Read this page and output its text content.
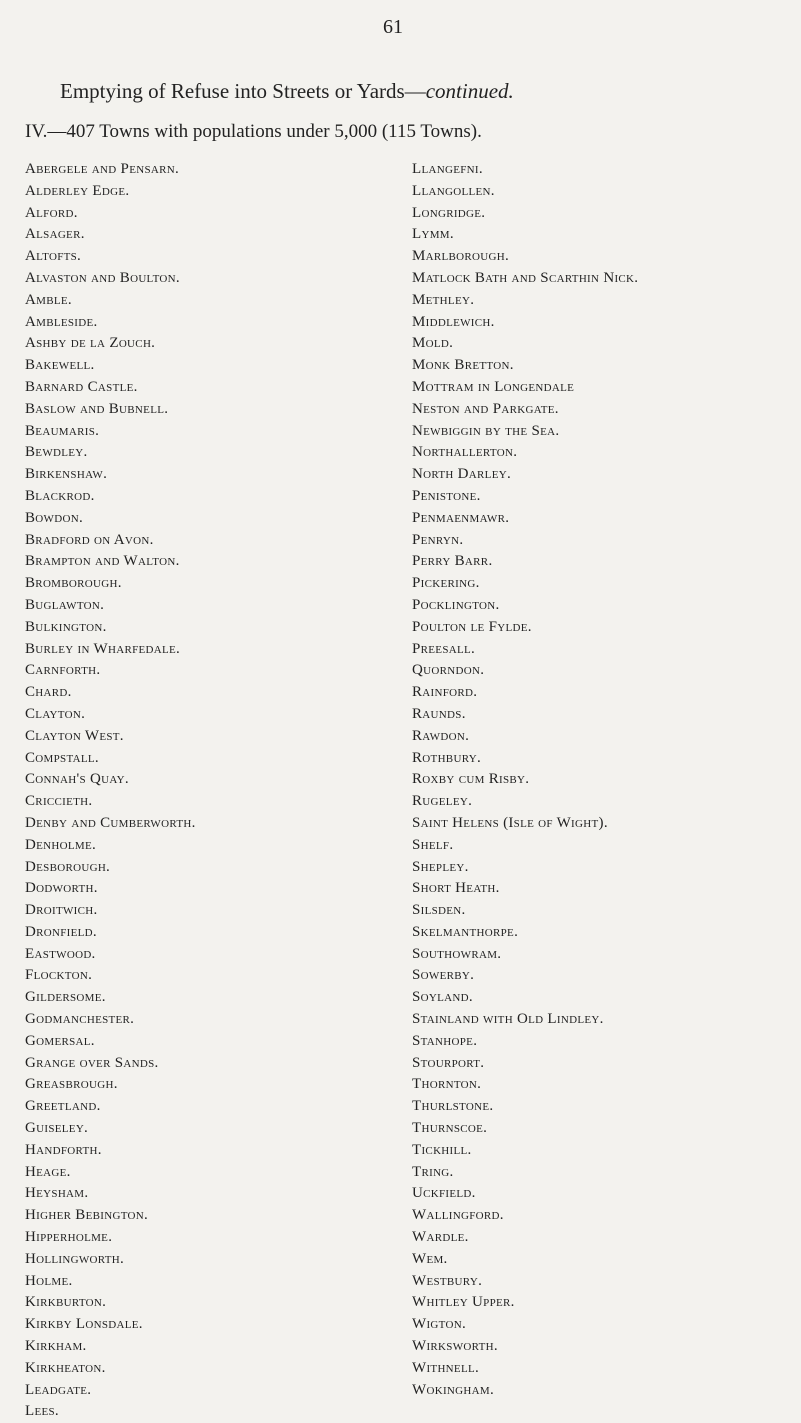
61
Emptying of Refuse into Streets or Yards—continued.
IV.—407 Towns with populations under 5,000 (115 Towns).
Abergele and Pensarn.
Alderley Edge.
Alford.
Alsager.
Altofts.
Alvaston and Boulton.
Amble.
Ambleside.
Ashby de la Zouch.
Bakewell.
Barnard Castle.
Baslow and Bubnell.
Beaumaris.
Bewdley.
Birkenshaw.
Blackrod.
Bowdon.
Bradford on Avon.
Brampton and Walton.
Bromborough.
Buglawton.
Bulkington.
Burley in Wharfedale.
Carnforth.
Chard.
Clayton.
Clayton West.
Compstall.
Connah's Quay.
Criccieth.
Denby and Cumberworth.
Denholme.
Desborough.
Dodworth.
Droitwich.
Dronfield.
Eastwood.
Flockton.
Gildersome.
Godmanchester.
Gomersal.
Grange over Sands.
Greasbrough.
Greetland.
Guiseley.
Handforth.
Heage.
Heysham.
Higher Bebington.
Hipperholme.
Hollingworth.
Holme.
Kirkburton.
Kirkby Lonsdale.
Kirkham.
Kirkheaton.
Leadgate.
Lees.
Llangefni.
Llangollen.
Longridge.
Lymm.
Marlborough.
Matlock Bath and Scarthin Nick.
Methley.
Middlewich.
Mold.
Monk Bretton.
Mottram in Longendale
Neston and Parkgate.
Newbiggin by the Sea.
Northallerton.
North Darley.
Penistone.
Penmaenmawr.
Penryn.
Perry Barr.
Pickering.
Pocklington.
Poulton le Fylde.
Preesall.
Quorndon.
Rainford.
Raunds.
Rawdon.
Rothbury.
Roxby cum Risby.
Rugeley.
Saint Helens (Isle of Wight).
Shelf.
Shepley.
Short Heath.
Silsden.
Skelmanthorpe.
Southowram.
Sowerby.
Soyland.
Stainland with Old Lindley.
Stanhope.
Stourport.
Thornton.
Thurlstone.
Thurnscoe.
Tickhill.
Tring.
Uckfield.
Wallingford.
Wardle.
Wem.
Westbury.
Whitley Upper.
Wigton.
Wirksworth.
Withnell.
Wokingham.
